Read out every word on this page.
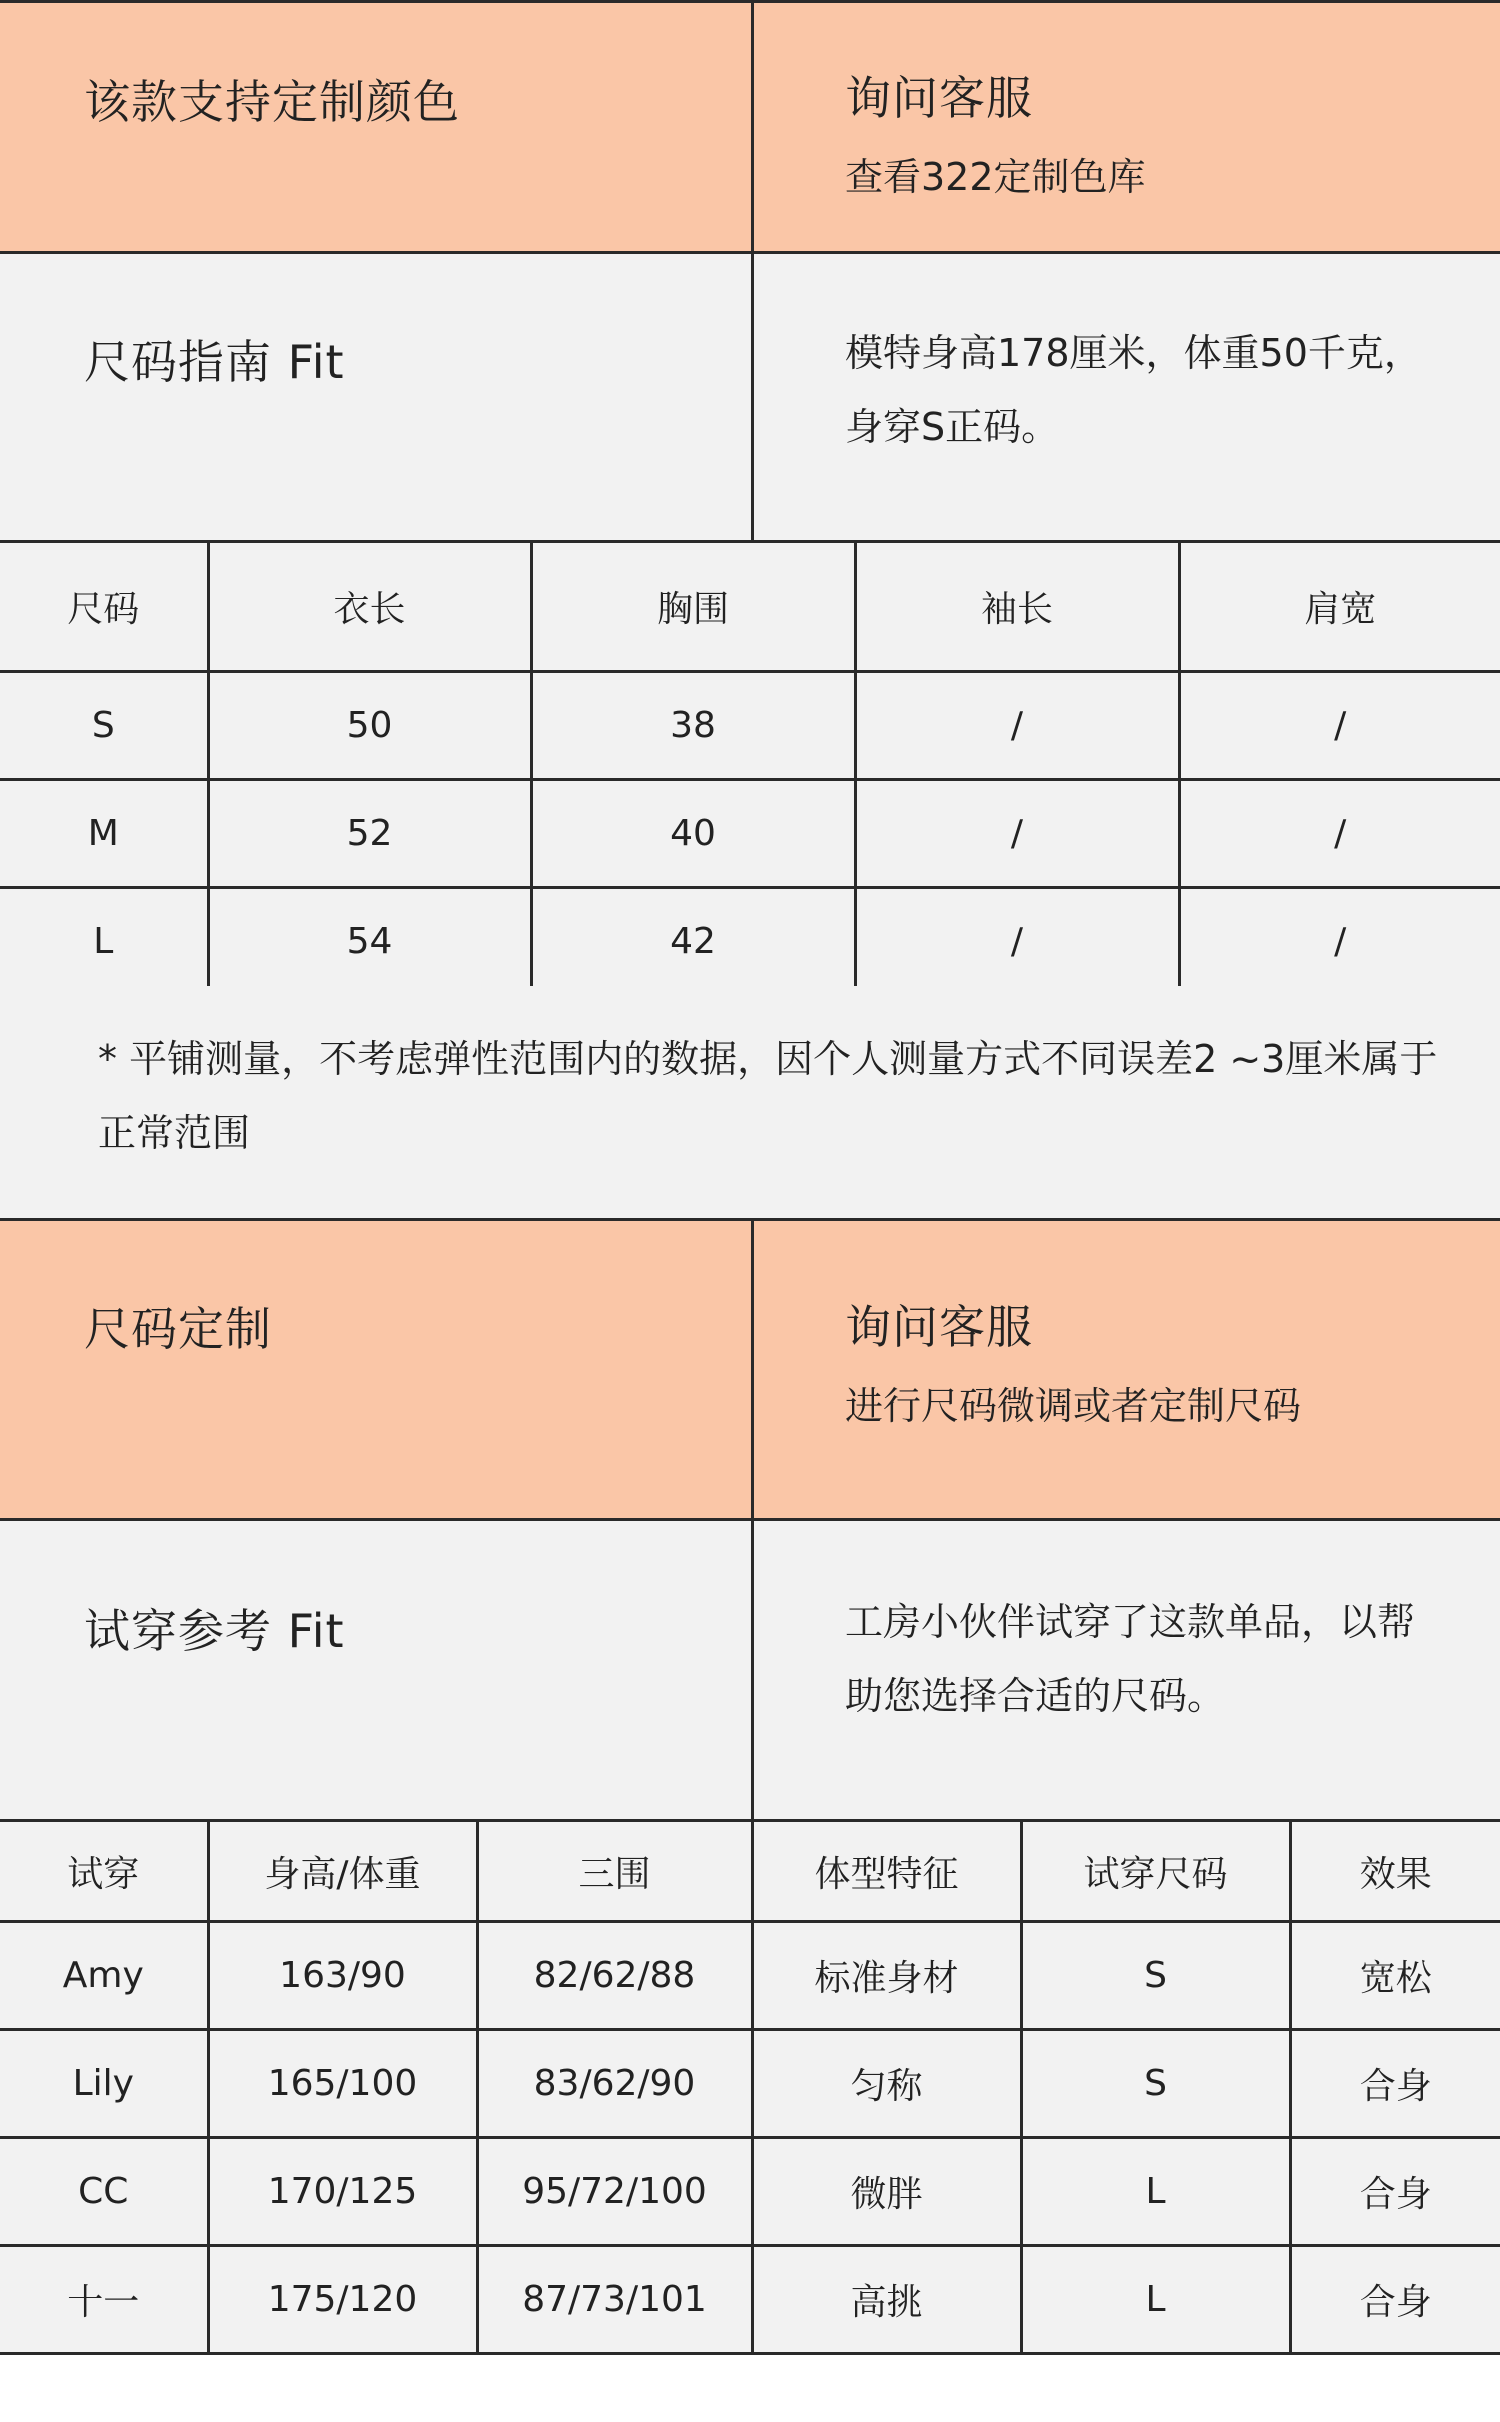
该款支持定制颜色	询问客服
查看322定制色库
尺码指南 Fit	模特身高178厘米，体重50千克，身穿S正码。
尺码	衣长	胸围	袖长	肩宽
S	50	38	/	/
M	52	40	/	/
L	54	42	/	/
* 平铺测量，不考虑弹性范围内的数据，因个人测量方式不同误差2 ~3厘米属于正常范围
尺码定制	询问客服
进行尺码微调或者定制尺码
试穿参考 Fit	工房小伙伴试穿了这款单品，以帮助您选择合适的尺码。
试穿	身高/体重	三围	体型特征	试穿尺码	效果
Amy	163/90	82/62/88	标准身材	S	宽松
Lily	165/100	83/62/90	匀称	S	合身
CC	170/125	95/72/100	微胖	L	合身
十一	175/120	87/73/101	高挑	L	合身
